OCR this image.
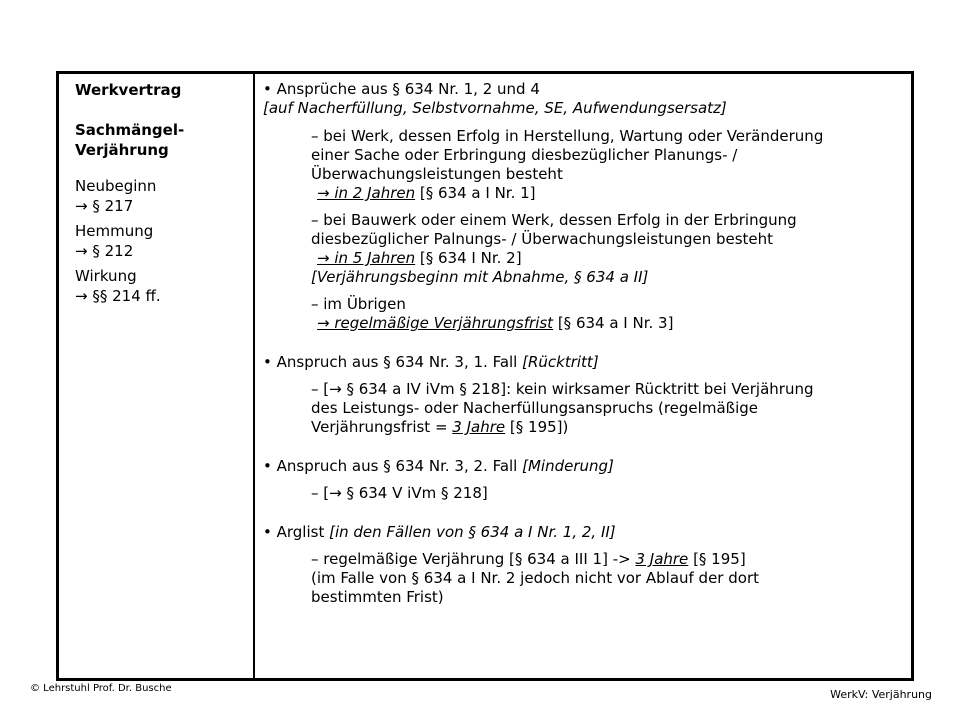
Werkvertrag
Sachmängel-
Verjährung
Neubeginn
→ § 217
Hemmung
→ § 212
Wirkung
→ §§ 214 ff.

• Ansprüche aus § 634 Nr. 1, 2 und 4

[auf Nacherfüllung, Selbstvornahme, SE, Aufwendungsersatz]

– bei Werk, dessen Erfolg in Herstellung, Wartung oder Veränderung

einer Sache oder Erbringung diesbezüglicher Planungs- /

Überwachungsleistungen besteht

→ in 2 Jahren [§ 634 a I Nr. 1]

– bei Bauwerk oder einem Werk, dessen Erfolg in der Erbringung

diesbezüglicher Palnungs- / Überwachungsleistungen besteht

→ in 5 Jahren [§ 634 I Nr. 2]

[Verjährungsbeginn mit Abnahme, § 634 a II]

– im Übrigen

→ regelmäßige Verjährungsfrist [§ 634 a I Nr. 3]

• Anspruch aus § 634 Nr. 3, 1. Fall [Rücktritt]

– [→ § 634 a IV iVm § 218]: kein wirksamer Rücktritt bei Verjährung

des Leistungs- oder Nacherfüllungsanspruchs (regelmäßige

Verjährungsfrist = 3 Jahre [§ 195])

• Anspruch aus § 634 Nr. 3, 2. Fall [Minderung]

– [→ § 634 V iVm § 218]

• Arglist [in den Fällen von § 634 a I Nr. 1, 2, II]

– regelmäßige Verjährung [§ 634 a III 1] -> 3 Jahre [§ 195]

(im Falle von § 634 a I Nr. 2 jedoch nicht vor Ablauf der dort

bestimmten Frist)

© Lehrstuhl Prof. Dr. Busche	WerkV: Verjährung
